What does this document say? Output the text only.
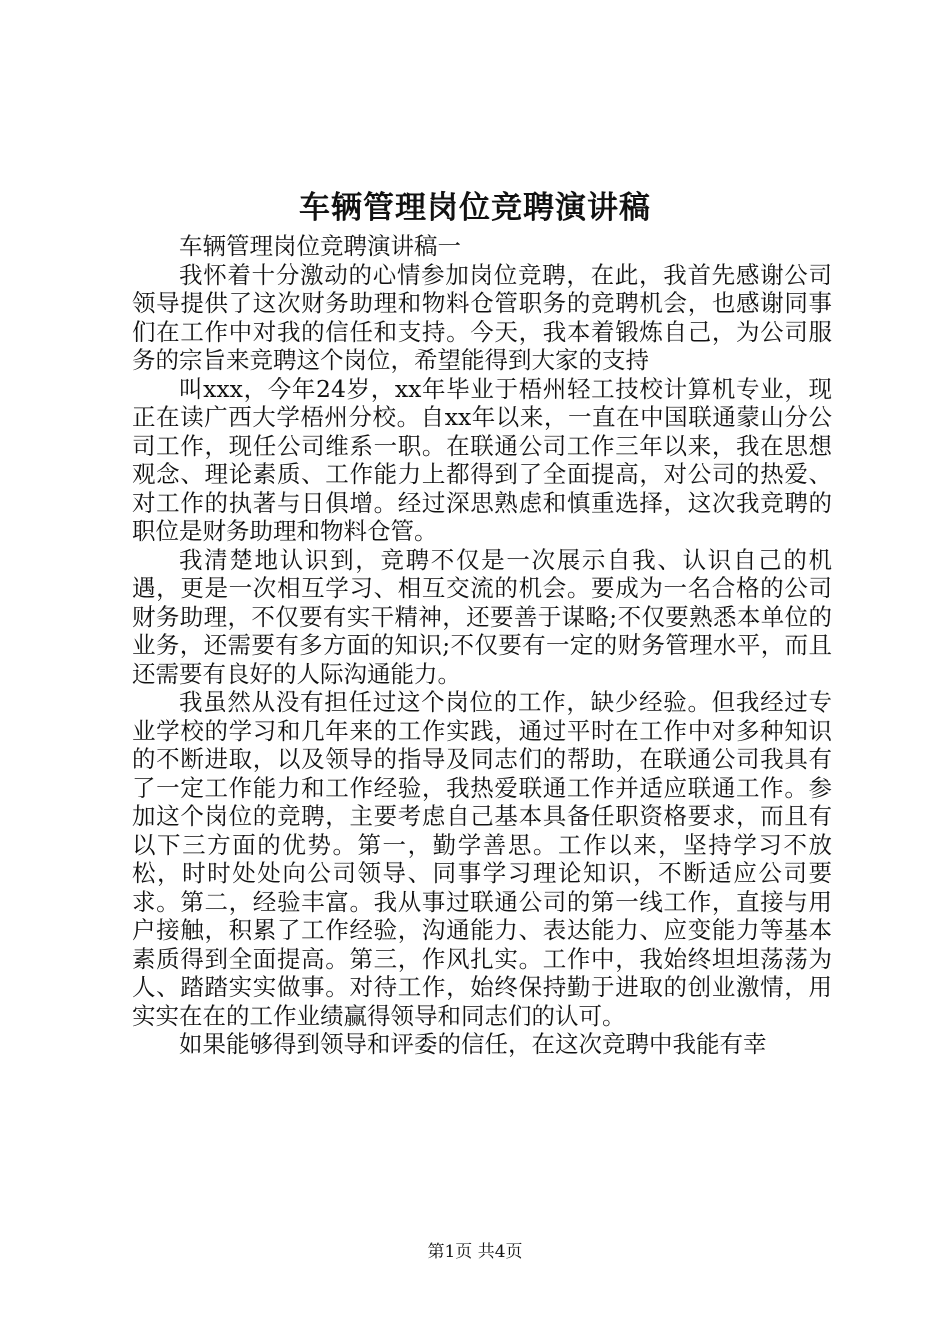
车辆管理岗位竞聘演讲稿

车辆管理岗位竞聘演讲稿一

我怀着十分激动的心情参加岗位竞聘，在此，我首先感谢公司领导提供了这次财务助理和物料仓管职务的竞聘机会，也感谢同事们在工作中对我的信任和支持。今天，我本着锻炼自己，为公司服务的宗旨来竞聘这个岗位，希望能得到大家的支持

叫xxx，今年24岁，xx年毕业于梧州轻工技校计算机专业，现正在读广西大学梧州分校。自xx年以来，一直在中国联通蒙山分公司工作，现任公司维系一职。在联通公司工作三年以来，我在思想观念、理论素质、工作能力上都得到了全面提高，对公司的热爱、对工作的执著与日俱增。经过深思熟虑和慎重选择，这次我竞聘的职位是财务助理和物料仓管。

我清楚地认识到，竞聘不仅是一次展示自我、认识自己的机遇，更是一次相互学习、相互交流的机会。要成为一名合格的公司财务助理，不仅要有实干精神，还要善于谋略;不仅要熟悉本单位的业务，还需要有多方面的知识;不仅要有一定的财务管理水平，而且还需要有良好的人际沟通能力。

我虽然从没有担任过这个岗位的工作，缺少经验。但我经过专业学校的学习和几年来的工作实践，通过平时在工作中对多种知识的不断进取，以及领导的指导及同志们的帮助，在联通公司我具有了一定工作能力和工作经验，我热爱联通工作并适应联通工作。参加这个岗位的竞聘，主要考虑自己基本具备任职资格要求，而且有以下三方面的优势。第一，勤学善思。工作以来，坚持学习不放松，时时处处向公司领导、同事学习理论知识，不断适应公司要求。第二，经验丰富。我从事过联通公司的第一线工作，直接与用户接触，积累了工作经验，沟通能力、表达能力、应变能力等基本素质得到全面提高。第三，作风扎实。工作中，我始终坦坦荡荡为人、踏踏实实做事。对待工作，始终保持勤于进取的创业激情，用实实在在的工作业绩赢得领导和同志们的认可。

如果能够得到领导和评委的信任，在这次竞聘中我能有幸

第1页 共4页
